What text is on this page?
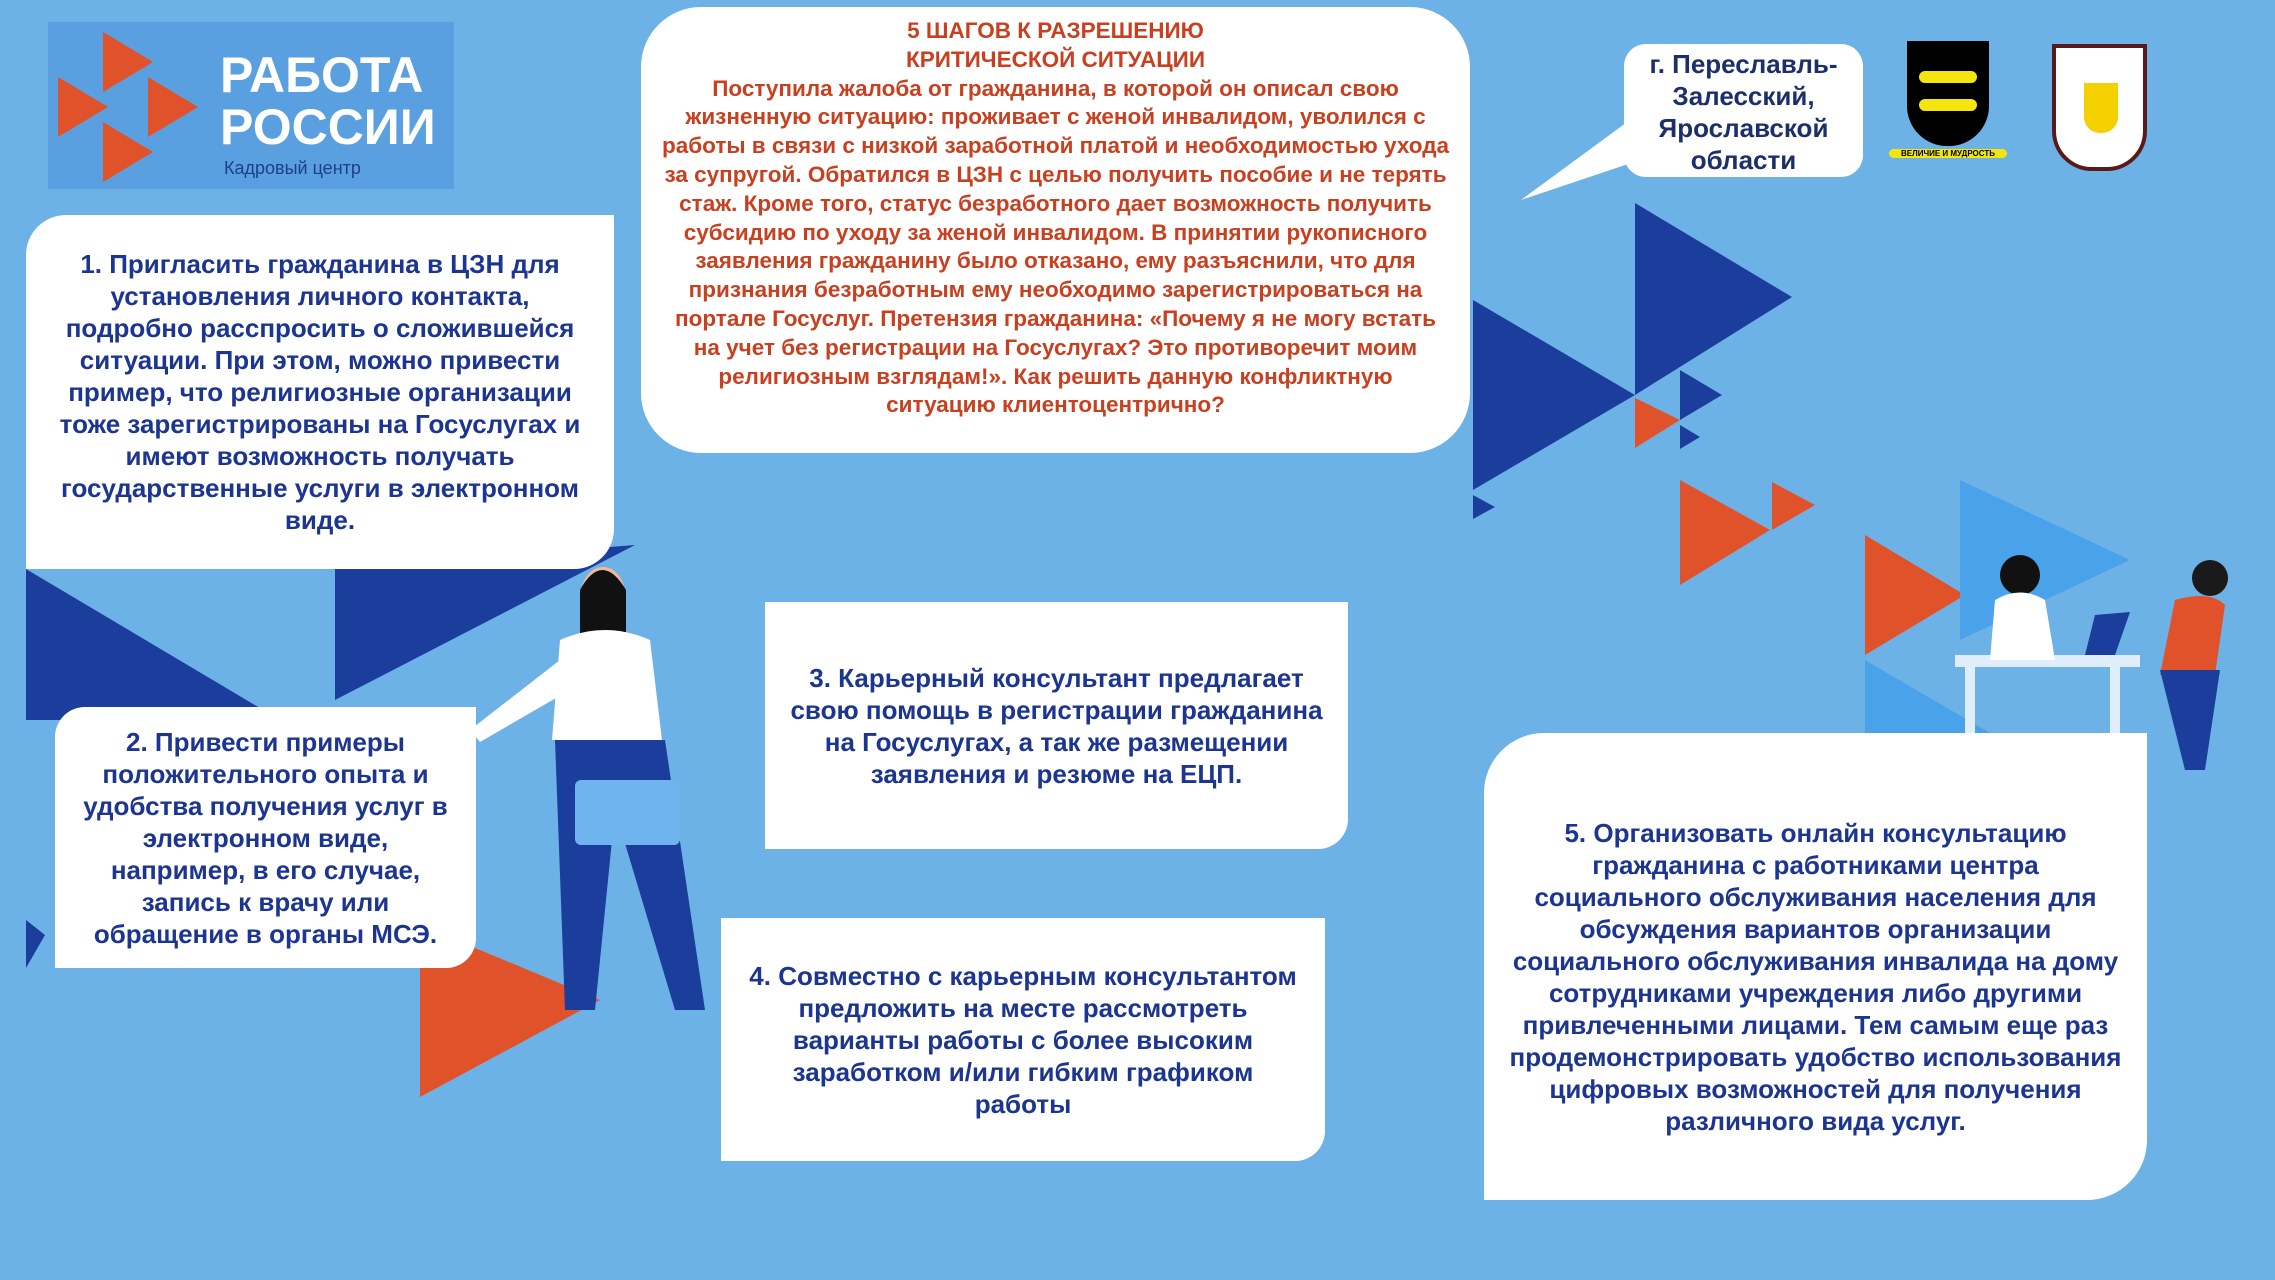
РАБОТА
РОССИИ
Кадровый центр
5 ШАГОВ К РАЗРЕШЕНИЮ
КРИТИЧЕСКОЙ СИТУАЦИИ
Поступила жалоба от гражданина, в которой он описал свою жизненную ситуацию: проживает с женой инвалидом, уволился с работы в связи с низкой заработной платой и необходимостью ухода за супругой. Обратился в ЦЗН с целью получить пособие и не терять стаж. Кроме того, статус безработного дает возможность получить субсидию по уходу за женой инвалидом. В принятии рукописного заявления гражданину было отказано, ему разъяснили, что для признания безработным ему необходимо зарегистрироваться на портале Госуслуг. Претензия гражданина: «Почему я не могу встать на учет без регистрации на Госуслугах? Это противоречит моим религиозным взглядам!». Как решить данную конфликтную ситуацию клиентоцентрично?
г. Переславль-Залесский, Ярославской области	ВЕЛИЧИЕ И МУДРОСТЬ
1. Пригласить гражданина в ЦЗН для установления личного контакта, подробно расспросить о сложившейся ситуации. При этом, можно привести пример, что религиозные организации тоже зарегистрированы на Госуслугах и имеют возможность получать государственные услуги в электронном виде.
2. Привести примеры положительного опыта и удобства получения услуг в электронном виде, например, в его случае, запись к врачу или обращение в органы МСЭ.
3. Карьерный консультант предлагает свою помощь в регистрации гражданина на Госуслугах, а так же размещении заявления и резюме на ЕЦП.
4. Совместно с карьерным консультантом предложить на месте рассмотреть варианты работы с более высоким заработком и/или гибким графиком работы
5. Организовать онлайн консультацию гражданина с работниками центра социального обслуживания населения для обсуждения вариантов организации социального обслуживания инвалида на дому сотрудниками учреждения либо другими привлеченными лицами. Тем самым еще раз продемонстрировать удобство использования цифровых возможностей для получения различного вида услуг.
